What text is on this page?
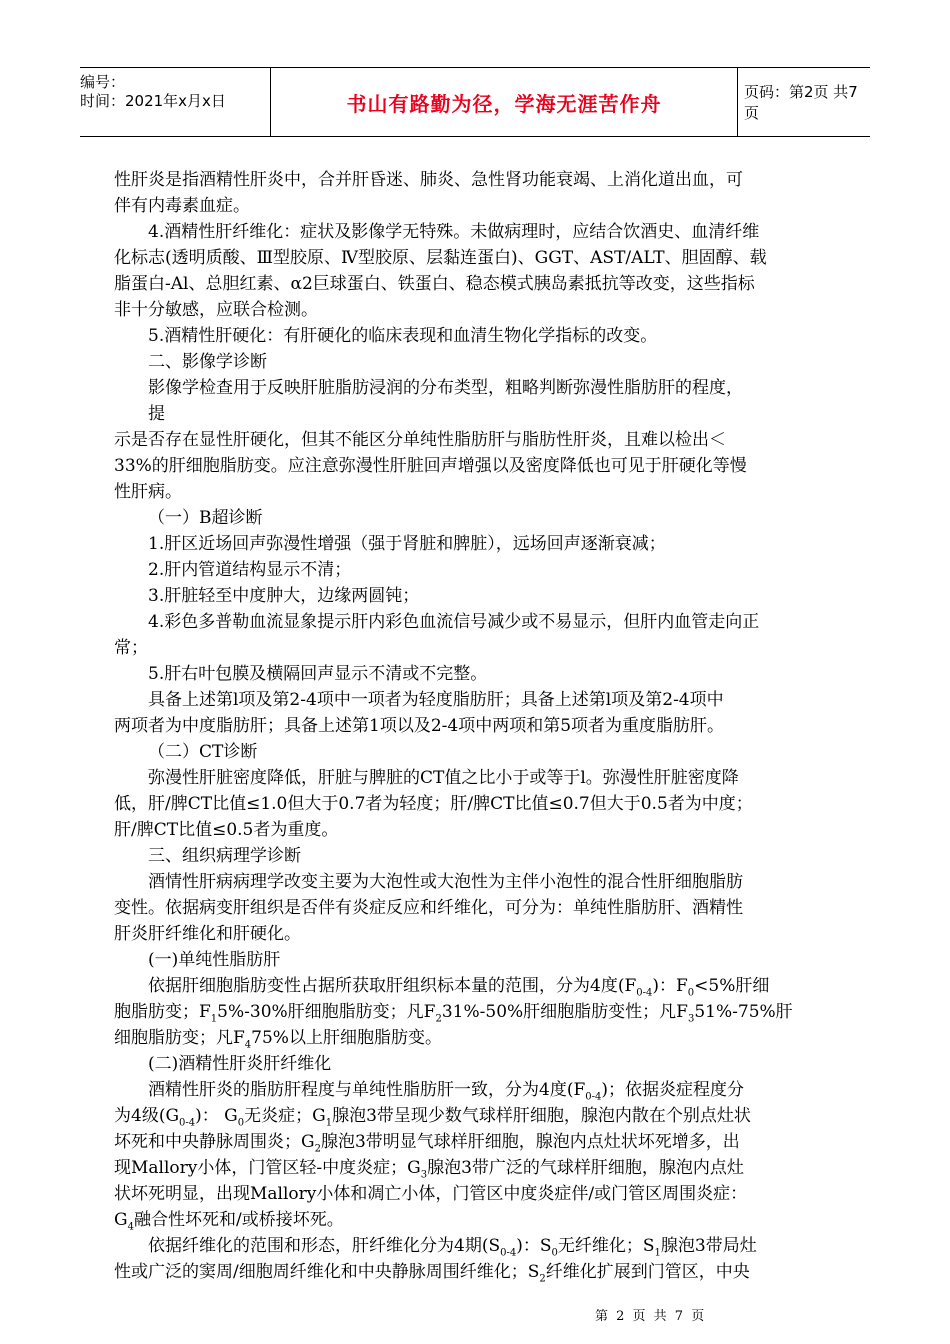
编号：
时间：2021年x月x日	书山有路勤为径，学海无涯苦作舟	页码：第2页 共7页

性肝炎是指酒精性肝炎中，合并肝昏迷、肺炎、急性肾功能衰竭、上消化道出血，可

伴有内毒素血症。

4.酒精性肝纤维化：症状及影像学无特殊。未做病理时，应结合饮酒史、血清纤维

化标志(透明质酸、Ⅲ型胶原、Ⅳ型胶原、层黏连蛋白)、GGT、AST/ALT、胆固醇、载

脂蛋白-Al、总胆红素、α2巨球蛋白、铁蛋白、稳态模式胰岛素抵抗等改变，这些指标

非十分敏感，应联合检测。

5.酒精性肝硬化：有肝硬化的临床表现和血清生物化学指标的改变。

二、影像学诊断

影像学检查用于反映肝脏脂肪浸润的分布类型，粗略判断弥漫性脂肪肝的程度，

提

示是否存在显性肝硬化，但其不能区分单纯性脂肪肝与脂肪性肝炎，且难以检出＜

33%的肝细胞脂肪变。应注意弥漫性肝脏回声增强以及密度降低也可见于肝硬化等慢

性肝病。

（一）B超诊断

1.肝区近场回声弥漫性增强（强于肾脏和脾脏），远场回声逐渐衰减；

2.肝内管道结构显示不清；

3.肝脏轻至中度肿大，边缘两圆钝；

4.彩色多普勒血流显象提示肝内彩色血流信号减少或不易显示，但肝内血管走向正

常；

5.肝右叶包膜及横隔回声显示不清或不完整。

具备上述第l项及第2-4项中一项者为轻度脂肪肝；具备上述第l项及第2-4项中

两项者为中度脂肪肝；具备上述第1项以及2-4项中两项和第5项者为重度脂肪肝。

（二）CT诊断

弥漫性肝脏密度降低，肝脏与脾脏的CT值之比小于或等于l。弥漫性肝脏密度降

低，肝/脾CT比值≤1.0但大于0.7者为轻度；肝/脾CT比值≤0.7但大于0.5者为中度；

肝/脾CT比值≤0.5者为重度。

三、组织病理学诊断

酒情性肝病病理学改变主要为大泡性或大泡性为主伴小泡性的混合性肝细胞脂肪

变性。依据病变肝组织是否伴有炎症反应和纤维化，可分为：单纯性脂肪肝、酒精性

肝炎肝纤维化和肝硬化。

(一)单纯性脂肪肝

依据肝细胞脂肪变性占据所获取肝组织标本量的范围，分为4度$(F_{0-4})$：$F_0<5\%$肝细

胞脂肪变；$F_15\%-30\%$肝细胞脂肪变；凡$F_231\%-50\%$肝细胞脂肪变性；凡$F_351\%-75\%$肝

细胞脂肪变；凡$F_475\%$以上肝细胞脂肪变。

(二)酒精性肝炎肝纤维化

酒精性肝炎的脂肪肝程度与单纯性脂肪肝一致，分为4度$(F_{0-4})$；依据炎症程度分

为4级$(G_{0-4})$： $G_0$无炎症；$G_1$腺泡3带呈现少数气球样肝细胞，腺泡内散在个别点灶状

坏死和中央静脉周围炎；$G_2$腺泡3带明显气球样肝细胞，腺泡内点灶状坏死增多，出

现Mallory小体，门管区轻-中度炎症；$G_3$腺泡3带广泛的气球样肝细胞，腺泡内点灶

状坏死明显，出现Mallory小体和凋亡小体，门管区中度炎症伴/或门管区周围炎症：

$G_4$融合性坏死和/或桥接坏死。

依据纤维化的范围和形态，肝纤维化分为4期$(S_{0-4})$：$S_0$无纤维化；$S_1$腺泡3带局灶

性或广泛的窦周/细胞周纤维化和中央静脉周围纤维化；$S_2$纤维化扩展到门管区，中央

第 2 页 共 7 页
